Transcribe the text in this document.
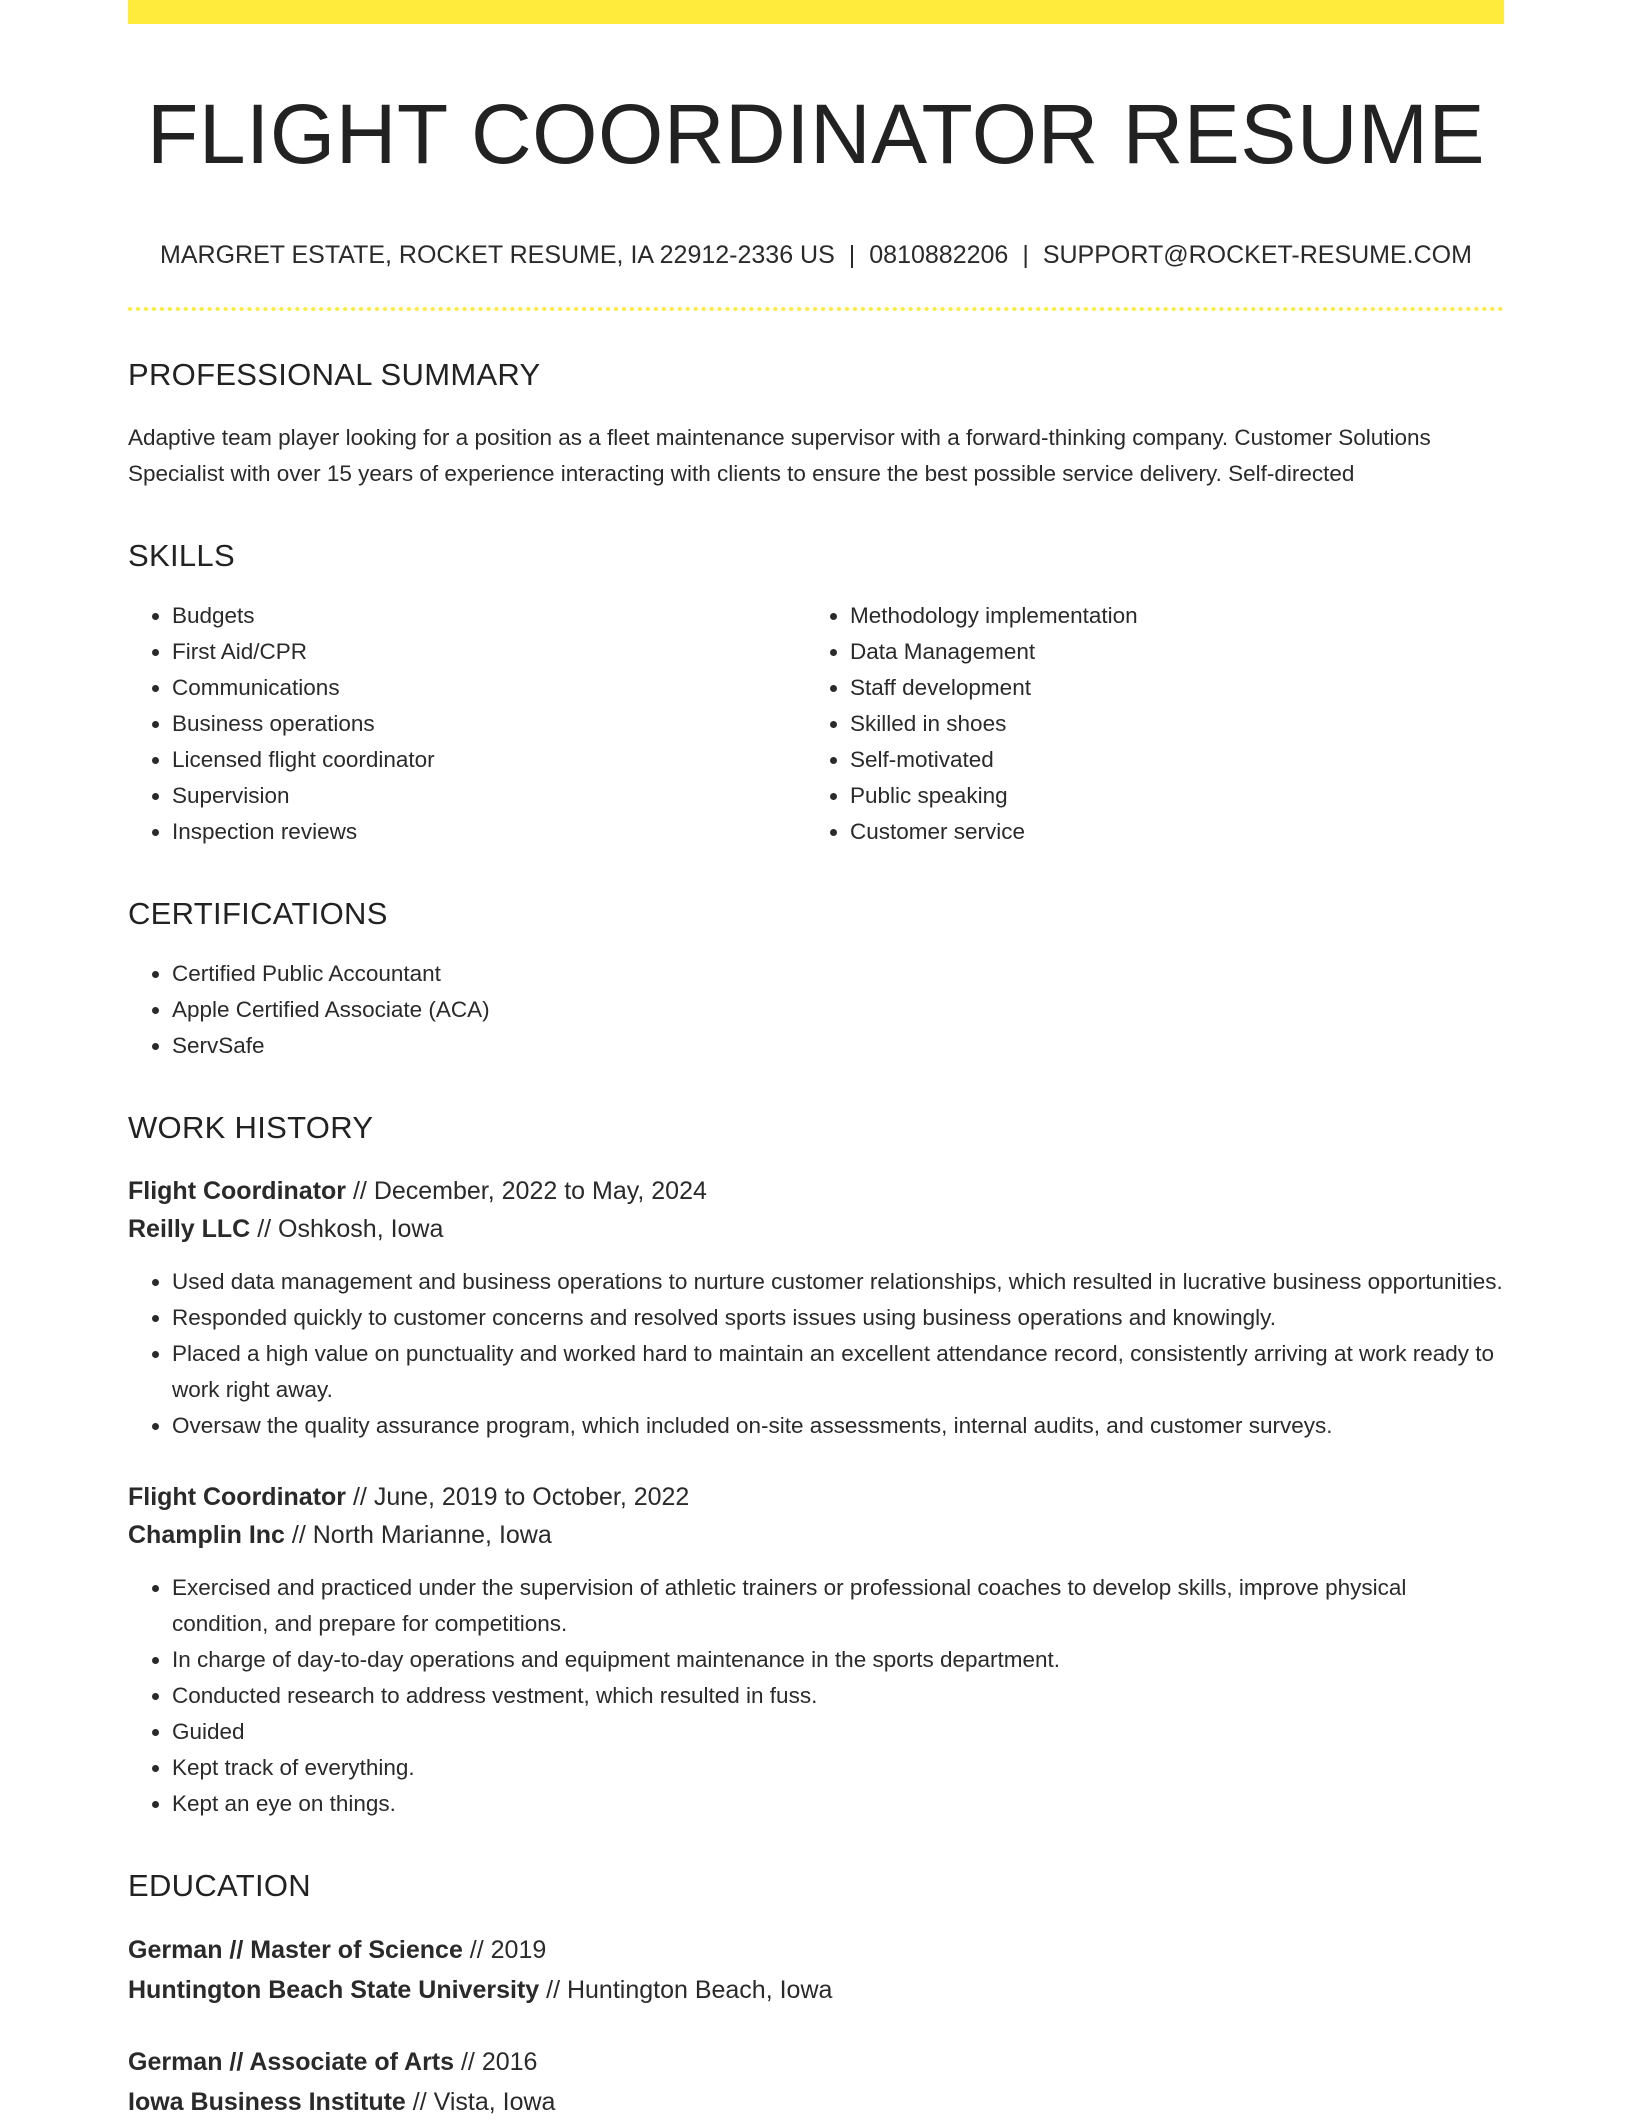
FLIGHT COORDINATOR RESUME
MARGRET ESTATE, ROCKET RESUME, IA 22912-2336 US | 0810882206 | SUPPORT@ROCKET-RESUME.COM
PROFESSIONAL SUMMARY
Adaptive team player looking for a position as a fleet maintenance supervisor with a forward-thinking company. Customer Solutions Specialist with over 15 years of experience interacting with clients to ensure the best possible service delivery. Self-directed
SKILLS
• Budgets
• First Aid/CPR
• Communications
• Business operations
• Licensed flight coordinator
• Supervision
• Inspection reviews
• Methodology implementation
• Data Management
• Staff development
• Skilled in shoes
• Self-motivated
• Public speaking
• Customer service
CERTIFICATIONS
• Certified Public Accountant
• Apple Certified Associate (ACA)
• ServSafe
WORK HISTORY
Flight Coordinator // December, 2022 to May, 2024
Reilly LLC // Oshkosh, Iowa
• Used data management and business operations to nurture customer relationships, which resulted in lucrative business opportunities.
• Responded quickly to customer concerns and resolved sports issues using business operations and knowingly.
• Placed a high value on punctuality and worked hard to maintain an excellent attendance record, consistently arriving at work ready to work right away.
• Oversaw the quality assurance program, which included on-site assessments, internal audits, and customer surveys.
Flight Coordinator // June, 2019 to October, 2022
Champlin Inc // North Marianne, Iowa
• Exercised and practiced under the supervision of athletic trainers or professional coaches to develop skills, improve physical condition, and prepare for competitions.
• In charge of day-to-day operations and equipment maintenance in the sports department.
• Conducted research to address vestment, which resulted in fuss.
• Guided
• Kept track of everything.
• Kept an eye on things.
EDUCATION
German // Master of Science // 2019
Huntington Beach State University // Huntington Beach, Iowa
German // Associate of Arts // 2016
Iowa Business Institute // Vista, Iowa
